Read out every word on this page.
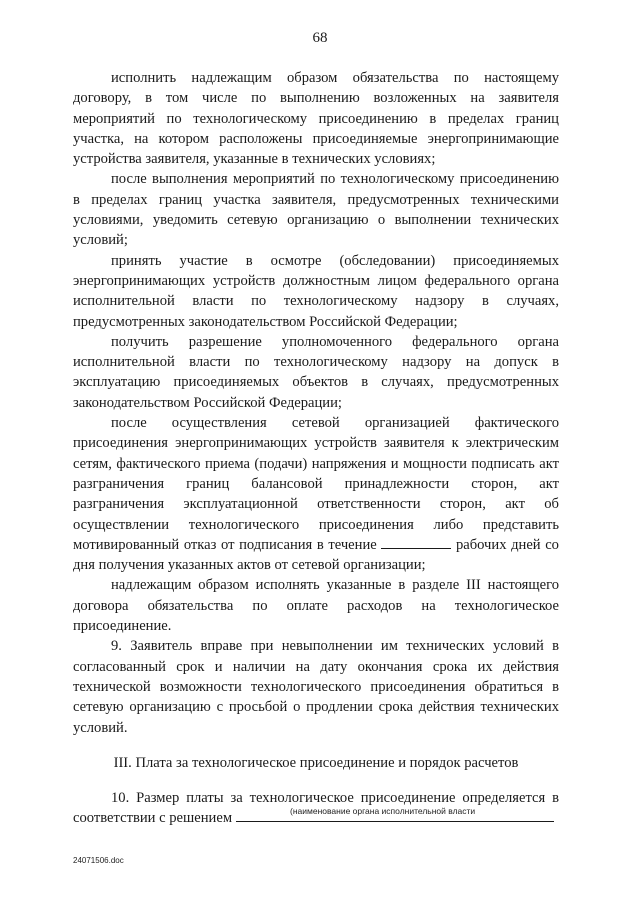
68

исполнить надлежащим образом обязательства по настоящему договору, в том числе по выполнению возложенных на заявителя мероприятий по технологическому присоединению в пределах границ участка, на котором расположены присоединяемые энергопринимающие устройства заявителя, указанные в технических условиях;

после выполнения мероприятий по технологическому присоединению в пределах границ участка заявителя, предусмотренных техническими условиями, уведомить сетевую организацию о выполнении технических условий;

принять участие в осмотре (обследовании) присоединяемых энергопринимающих устройств должностным лицом федерального органа исполнительной власти по технологическому надзору в случаях, предусмотренных законодательством Российской Федерации;

получить разрешение уполномоченного федерального органа исполнительной власти по технологическому надзору на допуск в эксплуатацию присоединяемых объектов в случаях, предусмотренных законодательством Российской Федерации;

после осуществления сетевой организацией фактического присоединения энергопринимающих устройств заявителя к электрическим сетям, фактического приема (подачи) напряжения и мощности подписать акт разграничения границ балансовой принадлежности сторон, акт разграничения эксплуатационной ответственности сторон, акт об осуществлении технологического присоединения либо представить мотивированный отказ от подписания в течение	рабочих дней со дня получения указанных актов от сетевой организации;

надлежащим образом исполнять указанные в разделе III настоящего договора обязательства по оплате расходов на технологическое присоединение.

9. Заявитель вправе при невыполнении им технических условий в согласованный срок и наличии на дату окончания срока их действия технической возможности технологического присоединения обратиться в сетевую организацию с просьбой о продлении срока действия технических условий.

III. Плата за технологическое присоединение и порядок расчетов

10. Размер платы за технологическое присоединение определяется в соответствии с решением	(наименование органа исполнительной власти
24071506.doc
